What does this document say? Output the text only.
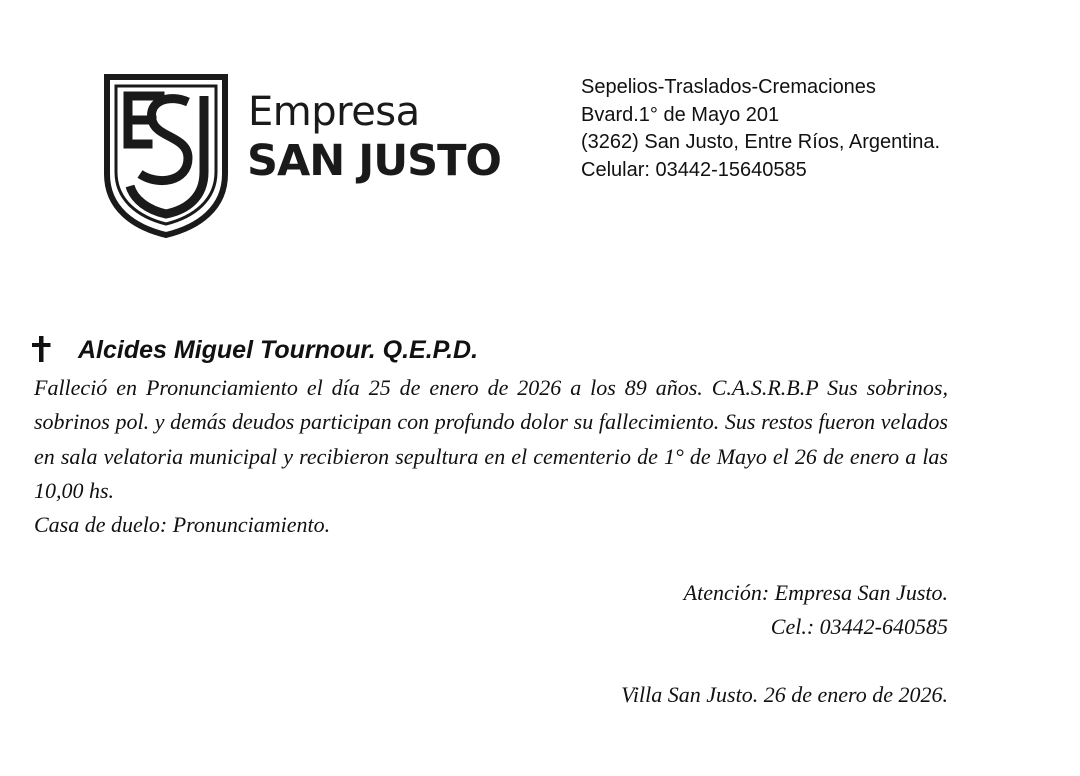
Empresa
SAN JUSTO
Sepelios-Traslados-Cremaciones
Bvard.1° de Mayo 201
(3262) San Justo, Entre Ríos, Argentina.
Celular: 03442-15640585
Alcides Miguel Tournour. Q.E.P.D.

Falleció en Pronunciamiento el día 25 de enero de 2026 a los 89 años. C.A.S.R.B.P Sus sobrinos, sobrinos pol. y demás deudos participan con profundo dolor su fallecimiento. Sus restos fueron velados en sala velatoria municipal y recibieron sepultura en el cementerio de 1° de Mayo el 26 de enero a las 10,00 hs.

Casa de duelo: Pronunciamiento.

Atención: Empresa San Justo.
Cel.: 03442-640585
Villa San Justo. 26 de enero de 2026.
